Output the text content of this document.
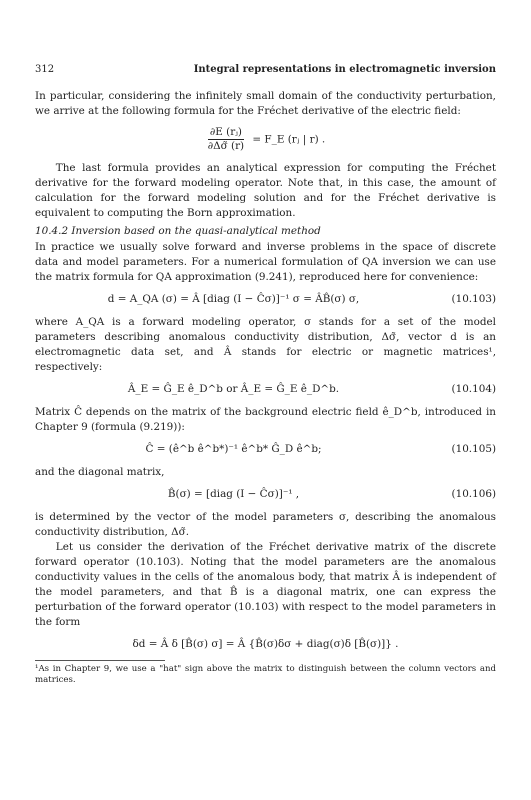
312	Integral representations in electromagnetic inversion

In particular, considering the infinitely small domain of the conductivity perturbation, we arrive at the following formula for the Fréchet derivative of the electric field:

$\frac{\text{∂E (rⱼ)}}{\partial\Delta\sigmã (r)}$ = F_E (rⱼ | r) .

The last formula provides an analytical expression for computing the Fréchet derivative for the forward modeling operator. Note that, in this case, the amount of calculation for the forward modeling solution and for the Fréchet derivative is equivalent to computing the Born approximation.

10.4.2 Inversion based on the quasi-analytical method

In practice we usually solve forward and inverse problems in the space of discrete data and model parameters. For a numerical formulation of QA inversion we can use the matrix formula for QA approximation (9.241), reproduced here for convenience:

d = A_QA (σ) = Â [diag (I − Ĉσ)]⁻¹ σ = ÂB̂(σ) σ,	(10.103)

where A_QA is a forward modeling operator, σ stands for a set of the model parameters describing anomalous conductivity distribution, Δσ̃, vector d is an electromagnetic data set, and Â stands for electric or magnetic matrices¹, respectively:

Â_E = Ĝ_E ê_D^b or Â_E = Ĝ_E ê_D^b.	(10.104)

Matrix Ĉ depends on the matrix of the background electric field ê_D^b, introduced in Chapter 9 (formula (9.219)):

Ĉ = (ê^b ê^b*)⁻¹ ê^b* Ĝ_D ê^b;	(10.105)

and the diagonal matrix,

B̂(σ) = [diag (I − Ĉσ)]⁻¹ ,	(10.106)

is determined by the vector of the model parameters σ, describing the anomalous conductivity distribution, Δσ̃.

Let us consider the derivation of the Fréchet derivative matrix of the discrete forward operator (10.103). Noting that the model parameters are the anomalous conductivity values in the cells of the anomalous body, that matrix Â is independent of the model parameters, and that B̂ is a diagonal matrix, one can express the perturbation of the forward operator (10.103) with respect to the model parameters in the form

δd = Â δ [B̂(σ) σ] = Â {B̂(σ)δσ + diag(σ)δ [B̂(σ)]} .
¹As in Chapter 9, we use a "hat" sign above the matrix to distinguish between the column vectors and matrices.
